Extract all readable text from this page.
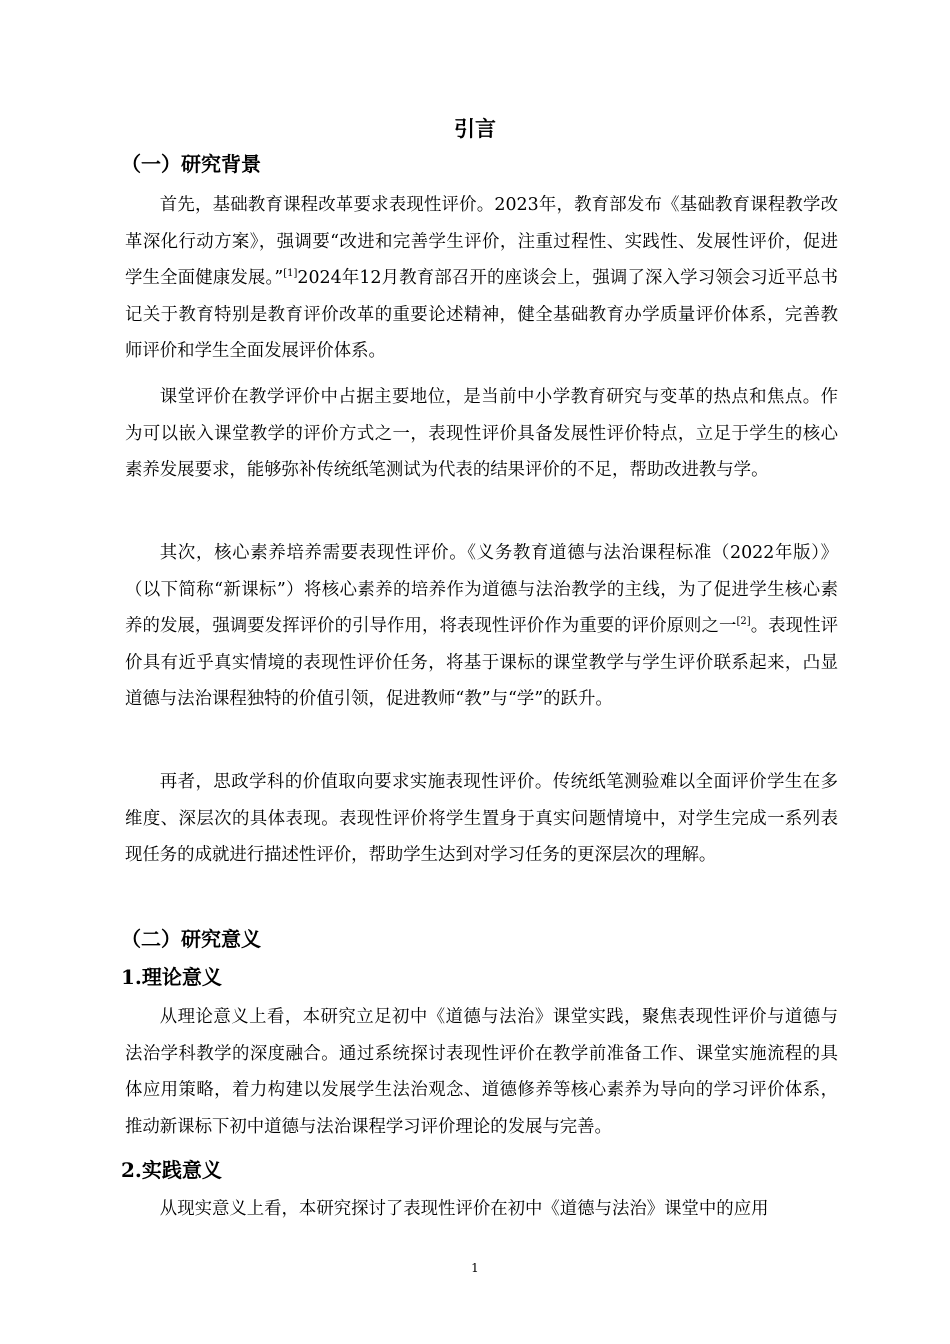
引言
（一）研究背景

首先，基础教育课程改革要求表现性评价。2023年，教育部发布《基础教育课程教学改革深化行动方案》，强调要“改进和完善学生评价，注重过程性、实践性、发展性评价，促进学生全面健康发展。”[1]2024年12月教育部召开的座谈会上，强调了深入学习领会习近平总书记关于教育特别是教育评价改革的重要论述精神，健全基础教育办学质量评价体系，完善教师评价和学生全面发展评价体系。

课堂评价在教学评价中占据主要地位，是当前中小学教育研究与变革的热点和焦点。作为可以嵌入课堂教学的评价方式之一，表现性评价具备发展性评价特点，立足于学生的核心素养发展要求，能够弥补传统纸笔测试为代表的结果评价的不足，帮助改进教与学。

其次，核心素养培养需要表现性评价。《义务教育道德与法治课程标准（2022年版）》（以下简称“新课标”）将核心素养的培养作为道德与法治教学的主线，为了促进学生核心素养的发展，强调要发挥评价的引导作用，将表现性评价作为重要的评价原则之一[2]。表现性评价具有近乎真实情境的表现性评价任务，将基于课标的课堂教学与学生评价联系起来，凸显道德与法治课程独特的价值引领，促进教师“教”与“学”的跃升。

再者，思政学科的价值取向要求实施表现性评价。传统纸笔测验难以全面评价学生在多维度、深层次的具体表现。表现性评价将学生置身于真实问题情境中，对学生完成一系列表现任务的成就进行描述性评价，帮助学生达到对学习任务的更深层次的理解。

（二）研究意义
1.理论意义

从理论意义上看，本研究立足初中《道德与法治》课堂实践，聚焦表现性评价与道德与法治学科教学的深度融合。通过系统探讨表现性评价在教学前准备工作、课堂实施流程的具体应用策略，着力构建以发展学生法治观念、道德修养等核心素养为导向的学习评价体系，推动新课标下初中道德与法治课程学习评价理论的发展与完善。

2.实践意义

从现实意义上看，本研究探讨了表现性评价在初中《道德与法治》课堂中的应用

1
